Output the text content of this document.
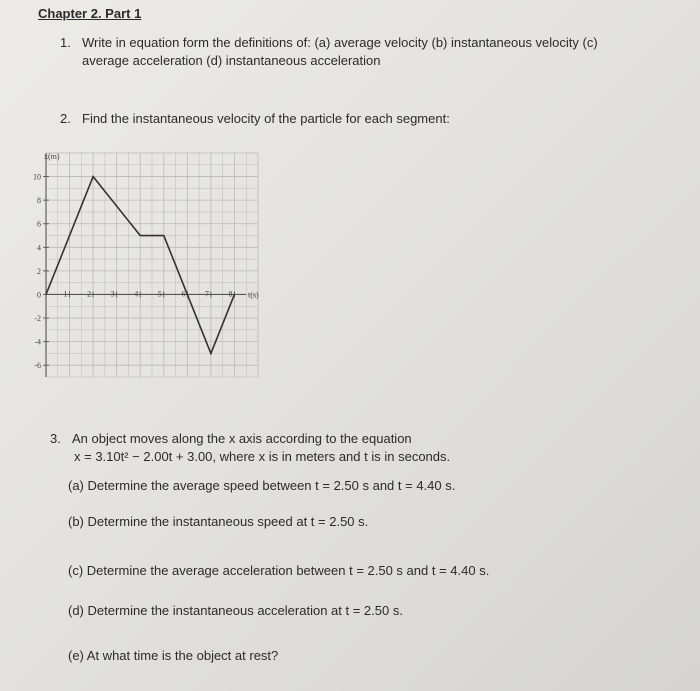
Chapter 2. Part 1
1. Write in equation form the definitions of: (a) average velocity (b) instantaneous velocity (c)
average acceleration (d) instantaneous acceleration
2. Find the instantaneous velocity of the particle for each segment:
10
8
6
4
2
0
-2
-4
-6
1 2 3 4 5 6 7 8
x(m)
t(s)
3. An object moves along the x axis according to the equation
x = 3.10t² − 2.00t + 3.00, where x is in meters and t is in seconds.
(a) Determine the average speed between t = 2.50 s and t = 4.40 s.
(b) Determine the instantaneous speed at t = 2.50 s.
(c) Determine the average acceleration between t = 2.50 s and t = 4.40 s.
(d) Determine the instantaneous acceleration at t = 2.50 s.
(e) At what time is the object at rest?
